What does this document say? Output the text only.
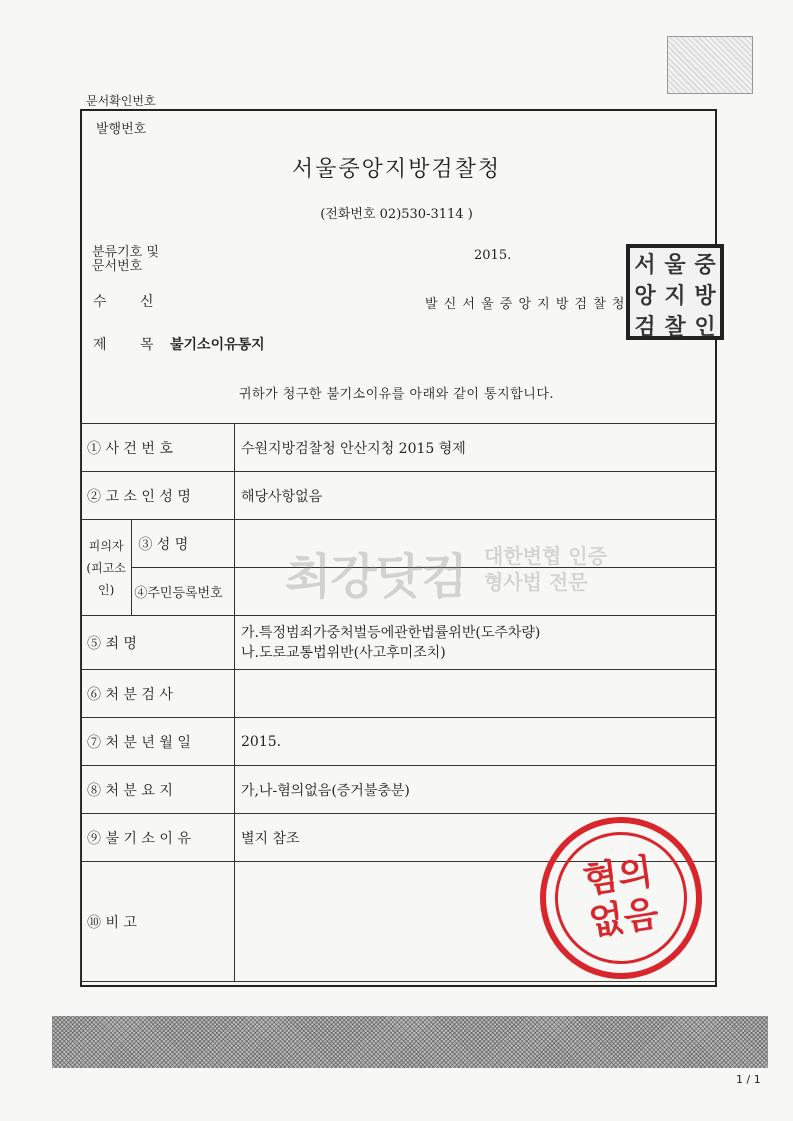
문서확인번호
발행번호
서울중앙지방검찰청
(전화번호 02)530-3114 )
분류기호 및 문서번호
2015.
수 신	발 신 서 울 중 앙 지 방 검 찰 청
서 울 중
앙 지 방
검 찰 인
제 목 불기소이유통지
귀하가 청구한 불기소이유를 아래와 같이 통지합니다.
① 사 건 번 호		수원지방검찰청 안산지청 2015 형제
② 고 소 인 성 명		해당사항없음
피의자 (피고소인)	③ 성 명	
	④주민등록번호	
⑤ 죄 명		가.특정범죄가중처벌등에관한법률위반(도주차량)
나.도로교통법위반(사고후미조치)

⑥ 처 분 검 사		
⑦ 처 분 년 월 일		2015.
⑧ 처 분 요 지		가,나-혐의없음(증거불충분)
⑨ 불 기 소 이 유		별지 참조
⑩ 비 고		
최강닷컴 대한변협 인증
형사법 전문
혐의
없음
1 / 1
